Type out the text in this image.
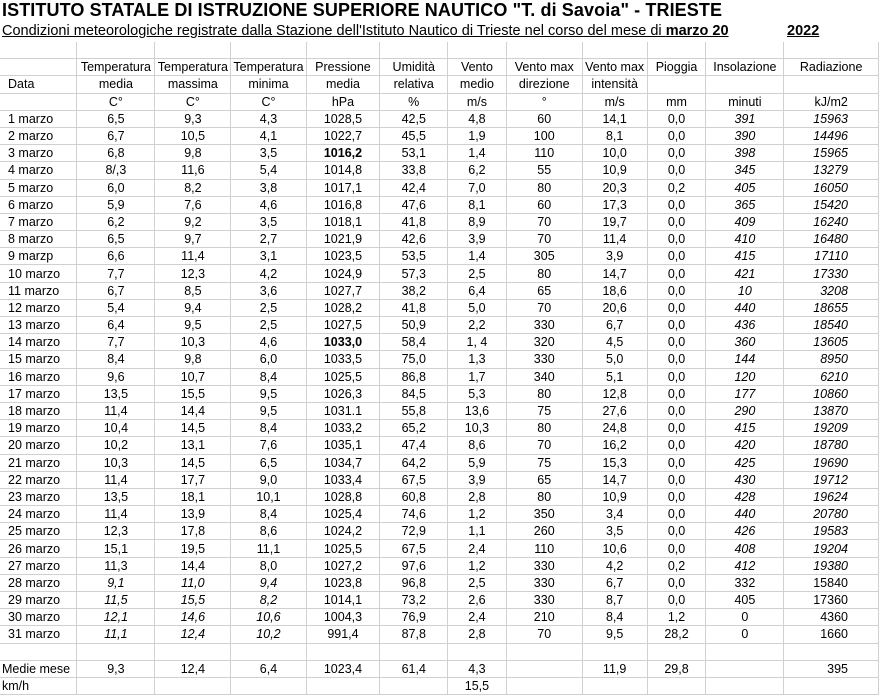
ISTITUTO STATALE DI ISTRUZIONE SUPERIORE NAUTICO "T. di Savoia" - TRIESTE
Condizioni meteorologiche registrate dalla Stazione dell'Istituto Nautico di Trieste nel corso del mese di marzo 20	2022

	Temperatura	Temperatura	Temperatura	Pressione	Umidità	Vento	Vento max	Vento max	Pioggia	Insolazione	Radiazione
Data	media	massima	minima	media	relativa	medio	direzione	intensità			
	C°	C°	C°	hPa	%	m/s	°	m/s	mm	minuti	kJ/m2
1 marzo	6,5	9,3	4,3	1028,5	42,5	4,8	60	14,1	0,0	391	15963
2 marzo	6,7	10,5	4,1	1022,7	45,5	1,9	100	8,1	0,0	390	14496
3 marzo	6,8	9,8	3,5	1016,2	53,1	1,4	110	10,0	0,0	398	15965
4 marzo	8/,3	11,6	5,4	1014,8	33,8	6,2	55	10,9	0,0	345	13279
5 marzo	6,0	8,2	3,8	1017,1	42,4	7,0	80	20,3	0,2	405	16050
6 marzo	5,9	7,6	4,6	1016,8	47,6	8,1	60	17,3	0,0	365	15420
7 marzo	6,2	9,2	3,5	1018,1	41,8	8,9	70	19,7	0,0	409	16240
8 marzo	6,5	9,7	2,7	1021,9	42,6	3,9	70	11,4	0,0	410	16480
9 marzp	6,6	11,4	3,1	1023,5	53,5	1,4	305	3,9	0,0	415	17110
10 marzo	7,7	12,3	4,2	1024,9	57,3	2,5	80	14,7	0,0	421	17330
11 marzo	6,7	8,5	3,6	1027,7	38,2	6,4	65	18,6	0,0	10	3208
12 marzo	5,4	9,4	2,5	1028,2	41,8	5,0	70	20,6	0,0	440	18655
13 marzo	6,4	9,5	2,5	1027,5	50,9	2,2	330	6,7	0,0	436	18540
14 marzo	7,7	10,3	4,6	1033,0	58,4	1, 4	320	4,5	0,0	360	13605
15 marzo	8,4	9,8	6,0	1033,5	75,0	1,3	330	5,0	0,0	144	8950
16 marzo	9,6	10,7	8,4	1025,5	86,8	1,7	340	5,1	0,0	120	6210
17 marzo	13,5	15,5	9,5	1026,3	84,5	5,3	80	12,8	0,0	177	10860
18 marzo	11,4	14,4	9,5	1031.1	55,8	13,6	75	27,6	0,0	290	13870
19 marzo	10,4	14,5	8,4	1033,2	65,2	10,3	80	24,8	0,0	415	19209
20 marzo	10,2	13,1	7,6	1035,1	47,4	8,6	70	16,2	0,0	420	18780
21 marzo	10,3	14,5	6,5	1034,7	64,2	5,9	75	15,3	0,0	425	19690
22 marzo	11,4	17,7	9,0	1033,4	67,5	3,9	65	14,7	0,0	430	19712
23 marzo	13,5	18,1	10,1	1028,8	60,8	2,8	80	10,9	0,0	428	19624
24 marzo	11,4	13,9	8,4	1025,4	74,6	1,2	350	3,4	0,0	440	20780
25 marzo	12,3	17,8	8,6	1024,2	72,9	1,1	260	3,5	0,0	426	19583
26 marzo	15,1	19,5	11,1	1025,5	67,5	2,4	110	10,6	0,0	408	19204
27 marzo	11,3	14,4	8,0	1027,2	97,6	1,2	330	4,2	0,2	412	19380
28 marzo	9,1	11,0	9,4	1023,8	96,8	2,5	330	6,7	0,0	332	15840
29 marzo	11,5	15,5	8,2	1014,1	73,2	2,6	330	8,7	0,0	405	17360
30 marzo	12,1	14,6	10,6	1004,3	76,9	2,4	210	8,4	1,2	0	4360
31 marzo	11,1	12,4	10,2	991,4	87,8	2,8	70	9,5	28,2	0	1660

Medie mese	9,3	12,4	6,4	1023,4	61,4	4,3		11,9	29,8		395
km/h						15,5					
